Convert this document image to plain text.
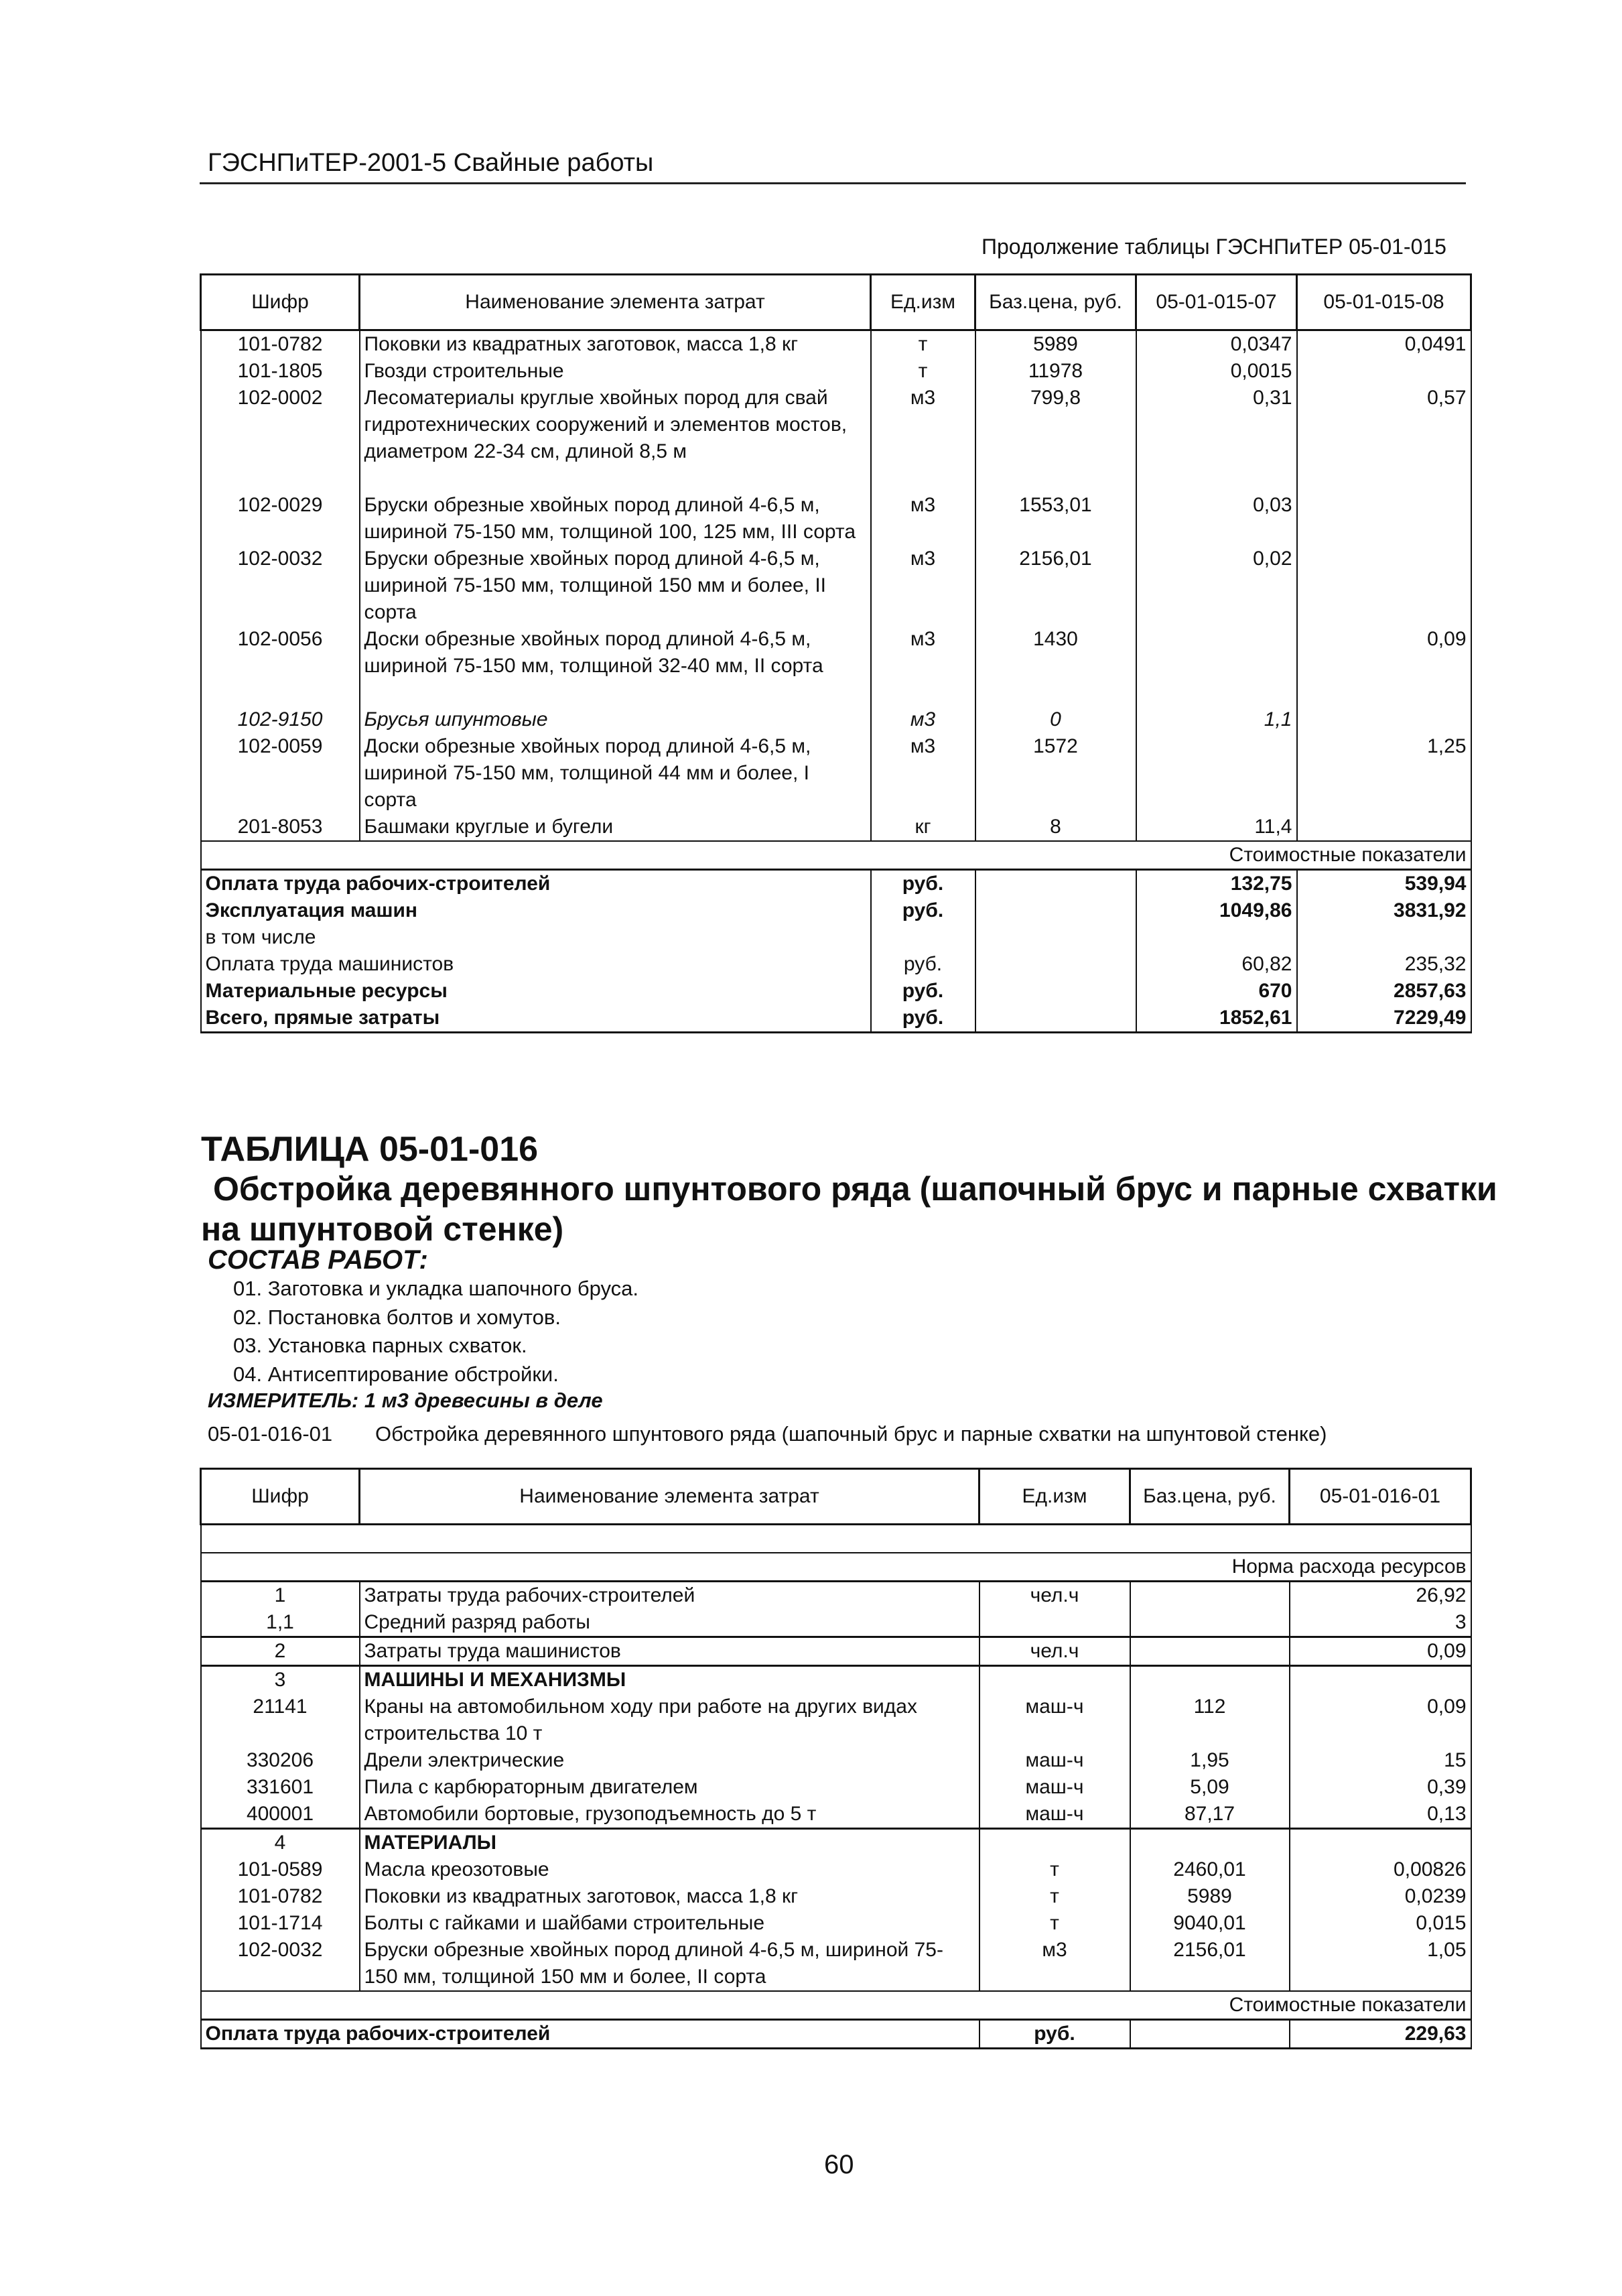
ГЭСНПиТЕР-2001-5 Свайные работы
Продолжение таблицы ГЭСНПиТЕР 05-01-015
Шифр	Наименование элемента затрат	Ед.изм	Баз.цена, руб.	05-01-015-07	05-01-015-08
101-0782	Поковки из квадратных заготовок, масса 1,8 кг	т	5989	0,0347	0,0491
101-1805	Гвозди строительные	т	11978	0,0015	
102-0002	Лесоматериалы круглые хвойных пород для свай гидротехнических сооружений и элементов мостов, диаметром 22-34 см, длиной 8,5 м	м3	799,8	0,31	0,57

102-0029	Бруски обрезные хвойных пород длиной 4-6,5 м, шириной 75-150 мм, толщиной 100, 125 мм, III сорта	м3	1553,01	0,03	
102-0032	Бруски обрезные хвойных пород длиной 4-6,5 м, шириной 75-150 мм, толщиной 150 мм и более, II сорта	м3	2156,01	0,02	
102-0056	Доски обрезные хвойных пород длиной 4-6,5 м, шириной 75-150 мм, толщиной 32-40 мм, II сорта	м3	1430		0,09

102-9150	Брусья шпунтовые	м3	0	1,1	
102-0059	Доски обрезные хвойных пород длиной 4-6,5 м, шириной 75-150 мм, толщиной 44 мм и более, I сорта	м3	1572		1,25
201-8053	Башмаки круглые и бугели	кг	8	11,4	
Стоимостные показатели					
Оплата труда рабочих-строителей		руб.		132,75	539,94
Эксплуатация машин		руб.		1049,86	3831,92
в том числе					
Оплата труда машинистов		руб.		60,82	235,32
Материальные ресурсы		руб.		670	2857,63
Всего, прямые затраты		руб.		1852,61	7229,49
ТАБЛИЦА 05-01-016
Обстройка деревянного шпунтового ряда (шапочный брус и парные схватки
на шпунтовой стенке)
СОСТАВ РАБОТ:
01. Заготовка и укладка шапочного бруса.
02. Постановка болтов и хомутов.
03. Установка парных схваток.
04. Антисептирование обстройки.
ИЗМЕРИТЕЛЬ: 1 м3 древесины в деле
05-01-016-01 Обстройка деревянного шпунтового ряда (шапочный брус и парные схватки на шпунтовой стенке)
Шифр	Наименование элемента затрат	Ед.изм	Баз.цена, руб.	05-01-016-01

Норма расхода ресурсов				
1	Затраты труда рабочих-строителей	чел.ч		26,92
1,1	Средний разряд работы			3
2	Затраты труда машинистов	чел.ч		0,09
3	МАШИНЫ И МЕХАНИЗМЫ			
21141	Краны на автомобильном ходу при работе на других видах строительства 10 т	маш-ч	112	0,09
330206	Дрели электрические	маш-ч	1,95	15
331601	Пила с карбюраторным двигателем	маш-ч	5,09	0,39
400001	Автомобили бортовые, грузоподъемность до 5 т	маш-ч	87,17	0,13
4	МАТЕРИАЛЫ			
101-0589	Масла креозотовые	т	2460,01	0,00826
101-0782	Поковки из квадратных заготовок, масса 1,8 кг	т	5989	0,0239
101-1714	Болты с гайками и шайбами строительные	т	9040,01	0,015
102-0032	Бруски обрезные хвойных пород длиной 4-6,5 м, шириной 75-150 мм, толщиной 150 мм и более, II сорта	м3	2156,01	1,05
Стоимостные показатели				
Оплата труда рабочих-строителей		руб.		229,63
60
